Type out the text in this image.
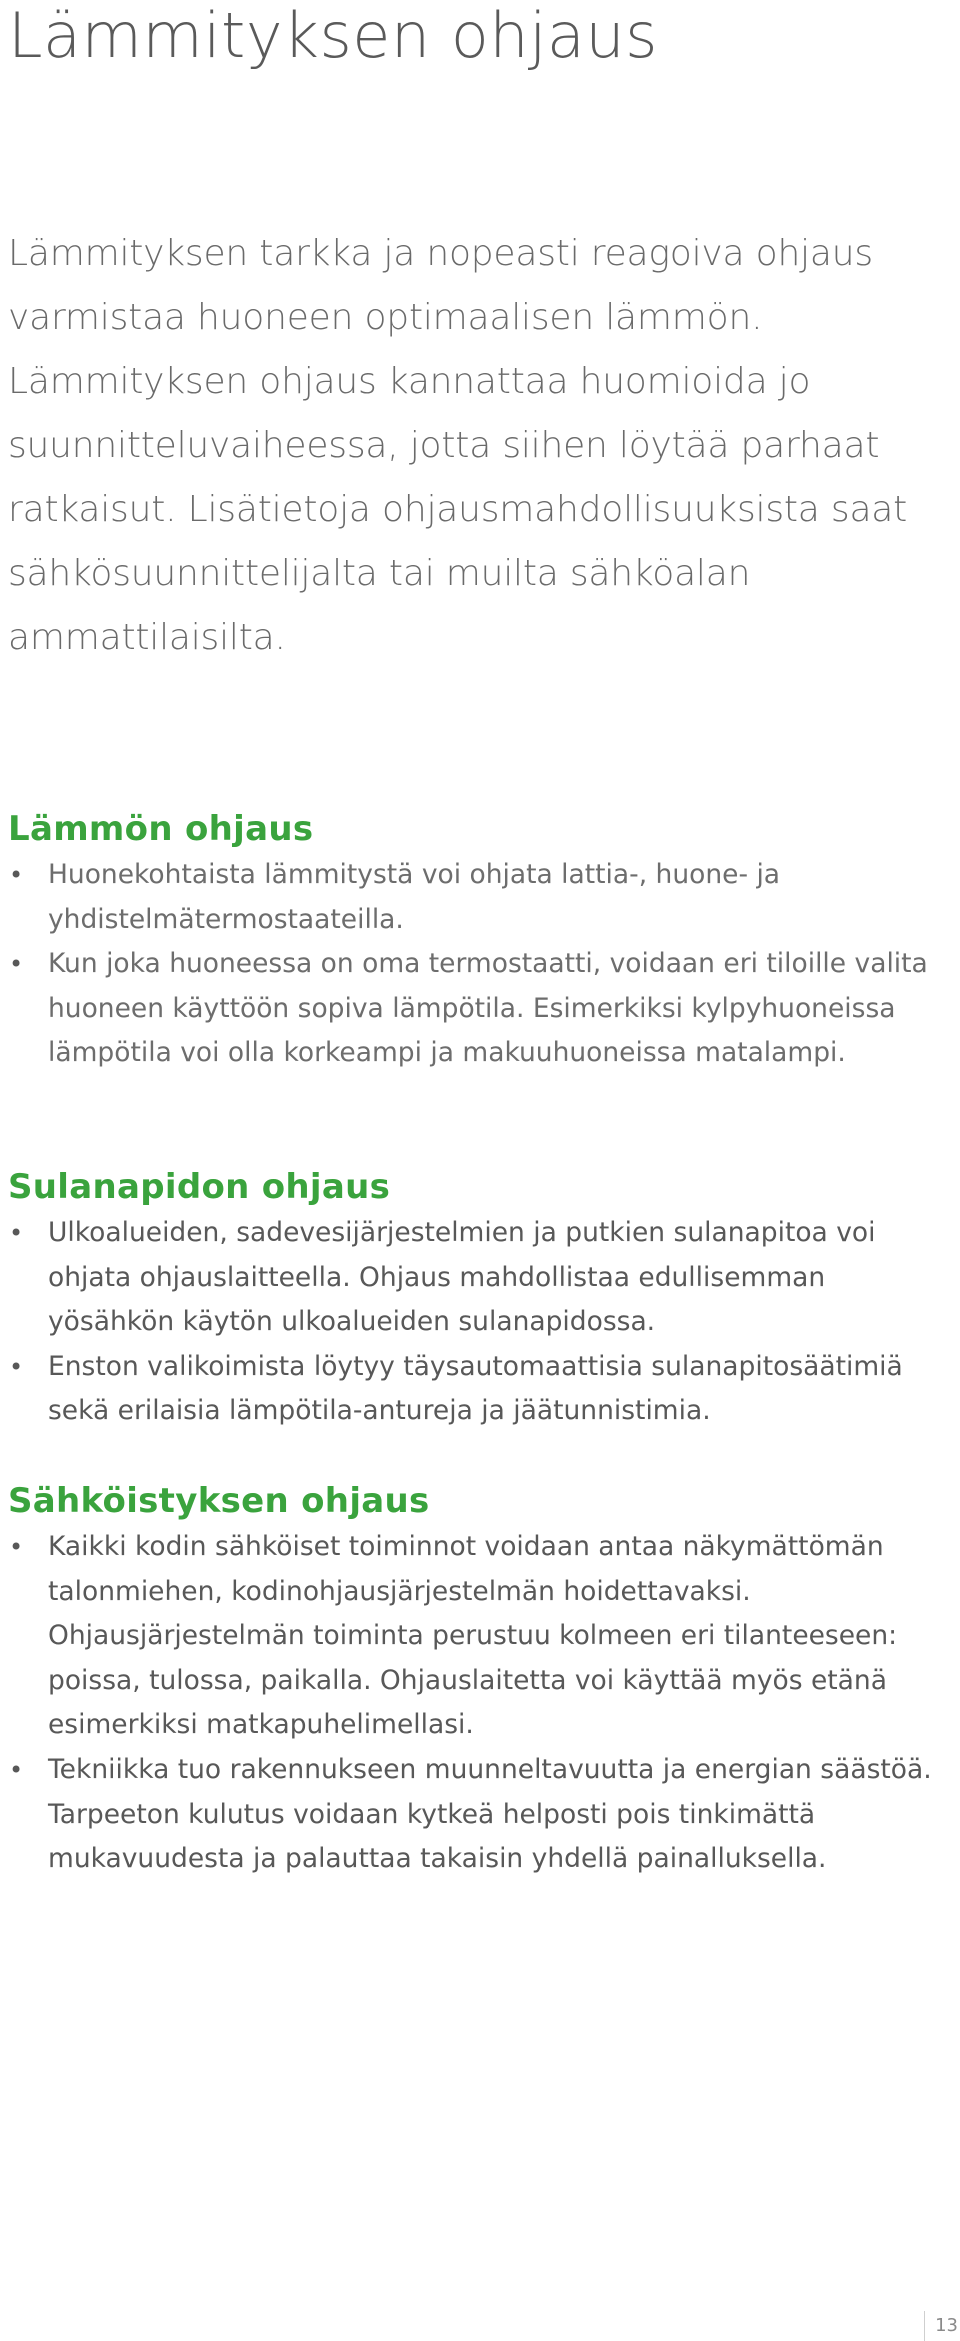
Lämmityksen ohjaus

Lämmityksen tarkka ja nopeasti reagoiva ohjaus varmistaa huoneen optimaalisen lämmön. Lämmityksen ohjaus kannattaa huomioida jo suunnitteluvaiheessa, jotta siihen löytää parhaat ratkaisut. Lisätietoja ohjausmahdollisuuksista saat sähkösuunnittelijalta tai muilta sähköalan ammattilaisilta.

Lämmön ohjaus
• Huonekohtaista lämmitystä voi ohjata lattia-, huone- ja yhdistelmätermostaateilla.
• Kun joka huoneessa on oma termostaatti, voidaan eri tiloille valita huoneen käyttöön sopiva lämpötila. Esimerkiksi kylpyhuoneissa lämpötila voi olla korkeampi ja makuuhuoneissa matalampi.
Sulanapidon ohjaus
• Ulkoalueiden, sadevesijärjestelmien ja putkien sulanapitoa voi ohjata ohjauslaitteella. Ohjaus mahdollistaa edullisemman yösähkön käytön ulkoalueiden sulanapidossa.
• Enston valikoimista löytyy täysautomaattisia sulanapitosäätimiä sekä erilaisia lämpötila-antureja ja jäätunnistimia.
Sähköistyksen ohjaus
• Kaikki kodin sähköiset toiminnot voidaan antaa näkymättömän talonmiehen, kodinohjausjärjestelmän hoidettavaksi. Ohjausjärjestelmän toiminta perustuu kolmeen eri tilanteeseen: poissa, tulossa, paikalla. Ohjauslaitetta voi käyttää myös etänä esimerkiksi matkapuhelimellasi.
• Tekniikka tuo rakennukseen muunneltavuutta ja energian säästöä. Tarpeeton kulutus voidaan kytkeä helposti pois tinkimättä mukavuudesta ja palauttaa takaisin yhdellä painalluksella.
13
